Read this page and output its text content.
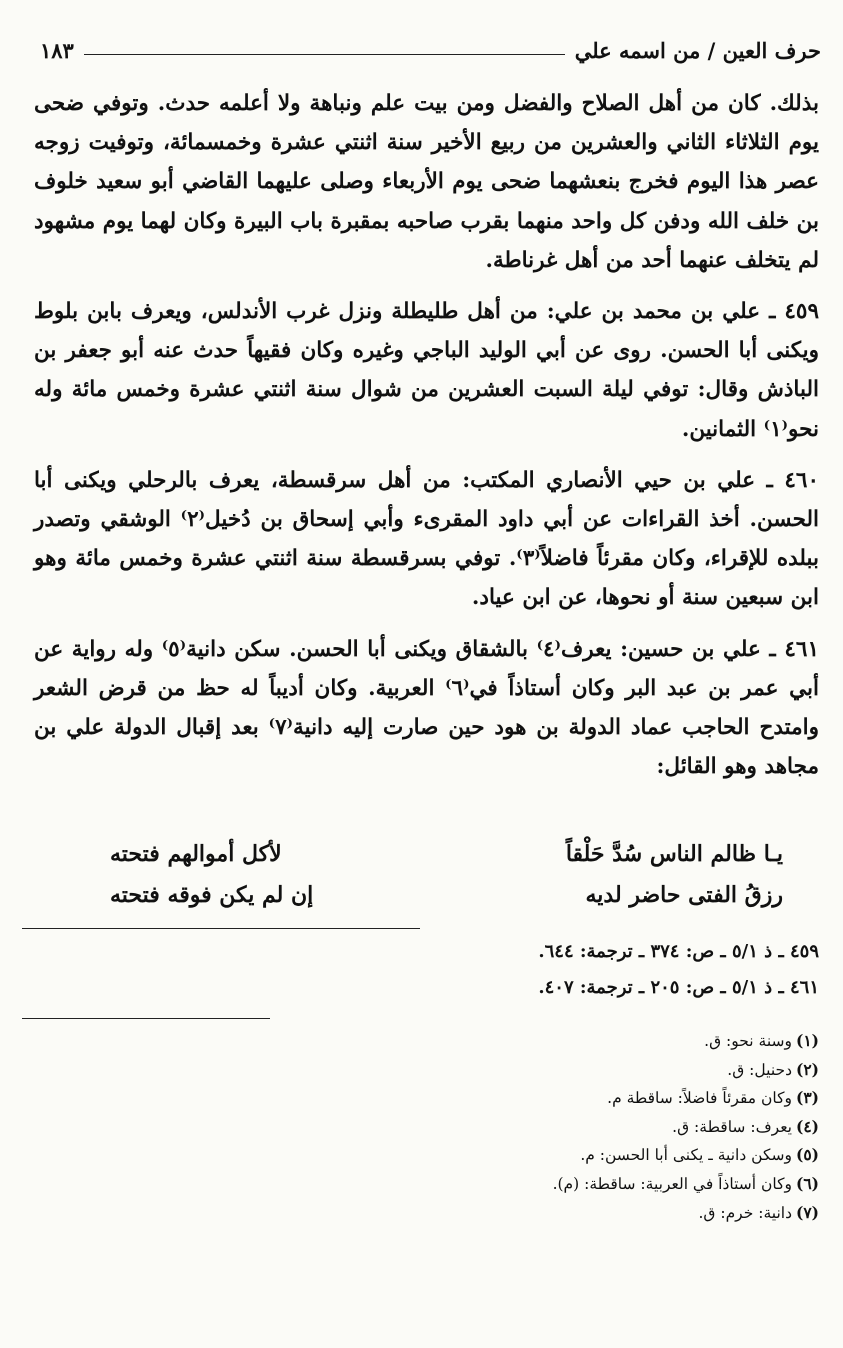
حرف العين / من اسمه علي
١٨٣

بذلك. كان من أهل الصلاح والفضل ومن بيت علم ونباهة ولا أعلمه حدث. وتوفي ضحى يوم الثلاثاء الثاني والعشرين من ربيع الأخير سنة اثنتي عشرة وخمسمائة، وتوفيت زوجه عصر هذا اليوم فخرج بنعشهما ضحى يوم الأربعاء وصلى عليهما القاضي أبو سعيد خلوف بن خلف الله ودفن كل واحد منهما بقرب صاحبه بمقبرة باب البيرة وكان لهما يوم مشهود لم يتخلف عنهما أحد من أهل غرناطة.

٤٥٩ ـ علي بن محمد بن علي: من أهل طليطلة ونزل غرب الأندلس، ويعرف بابن بلوط ويكنى أبا الحسن. روى عن أبي الوليد الباجي وغيره وكان فقيهاً حدث عنه أبو جعفر بن الباذش وقال: توفي ليلة السبت العشرين من شوال سنة اثنتي عشرة وخمس مائة وله نحو⁽١⁾ الثمانين.

٤٦٠ ـ علي بن حيي الأنصاري المكتب: من أهل سرقسطة، يعرف بالرحلي ويكنى أبا الحسن. أخذ القراءات عن أبي داود المقرىء وأبي إسحاق بن دُخيل⁽٢⁾ الوشقي وتصدر ببلده للإقراء، وكان مقرئاً فاضلاً⁽٣⁾. توفي بسرقسطة سنة اثنتي عشرة وخمس مائة وهو ابن سبعين سنة أو نحوها، عن ابن عياد.

٤٦١ ـ علي بن حسين: يعرف⁽٤⁾ بالشقاق ويكنى أبا الحسن. سكن دانية⁽٥⁾ وله رواية عن أبي عمر بن عبد البر وكان أستاذاً في⁽٦⁾ العربية. وكان أديباً له حظ من قرض الشعر وامتدح الحاجب عماد الدولة بن هود حين صارت إليه دانية⁽٧⁾ بعد إقبال الدولة علي بن مجاهد وهو القائل:

يـا ظالم الناس سُدَّ حَلْقاً
لأكل أموالهم فتحته
رزقُ الفتى حاضر لديه
إن لم يكن فوقه فتحته
٤٥٩ ـ ذ ٥/١ ـ ص: ٣٧٤ ـ ترجمة: ٦٤٤.
٤٦١ ـ ذ ٥/١ ـ ص: ٢٠٥ ـ ترجمة: ٤٠٧.

(١)وسنة نحو: ق.

(٢)دحنيل: ق.

(٣)وكان مقرئاً فاضلاً: ساقطة م.

(٤)يعرف: ساقطة: ق.

(٥)وسكن دانية ـ يكنى أبا الحسن: م.

(٦)وكان أستاذاً في العربية: ساقطة: (م).

(٧)دانية: خرم: ق.
